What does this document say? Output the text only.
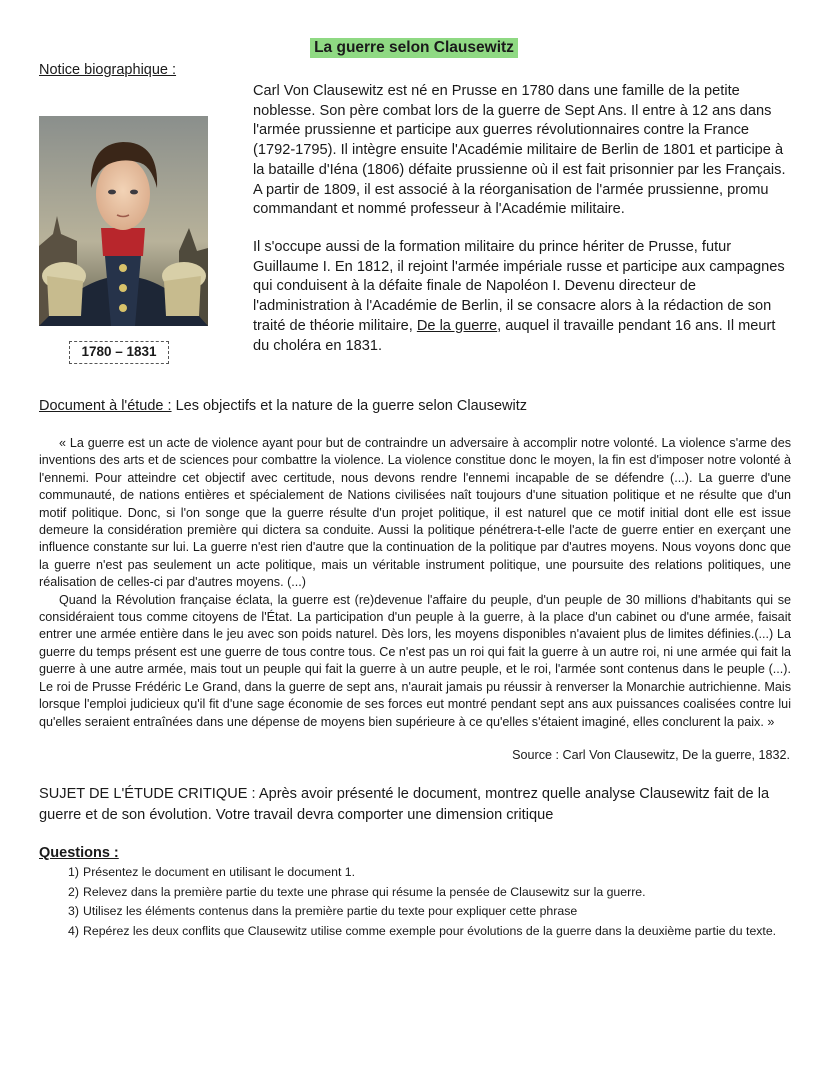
La guerre selon Clausewitz
Notice biographique :
1780 – 1831

Carl Von Clausewitz est né en Prusse en 1780 dans une famille de la petite noblesse. Son père combat lors de la guerre de Sept Ans. Il entre à 12 ans dans l'armée prussienne et participe aux guerres révolutionnaires contre la France (1792-1795). Il intègre ensuite l'Académie militaire de Berlin de 1801 et participe à la bataille d'Iéna (1806) défaite prussienne où il est fait prisonnier par les Français. A partir de 1809, il est associé à la réorganisation de l'armée prussienne, promu commandant et nommé professeur à l'Académie militaire.

Il s'occupe aussi de la formation militaire du prince hériter de Prusse, futur Guillaume I. En 1812, il rejoint l'armée impériale russe et participe aux campagnes qui conduisent à la défaite finale de Napoléon I. Devenu directeur de l'administration à l'Académie de Berlin, il se consacre alors à la rédaction de son traité de théorie militaire, De la guerre, auquel il travaille pendant 16 ans. Il meurt du choléra en 1831.

Document à l'étude : Les objectifs et la nature de la guerre selon Clausewitz

« La guerre est un acte de violence ayant pour but de contraindre un adversaire à accomplir notre volonté. La violence s'arme des inventions des arts et de sciences pour combattre la violence. La violence constitue donc le moyen, la fin est d'imposer notre volonté à l'ennemi. Pour atteindre cet objectif avec certitude, nous devons rendre l'ennemi incapable de se défendre (...). La guerre d'une communauté, de nations entières et spécialement de Nations civilisées naît toujours d'une situation politique et ne résulte que d'un motif politique. Donc, si l'on songe que la guerre résulte d'un projet politique, il est naturel que ce motif initial dont elle est issue demeure la considération première qui dictera sa conduite. Aussi la politique pénétrera-t-elle l'acte de guerre entier en exerçant une influence constante sur lui. La guerre n'est rien d'autre que la continuation de la politique par d'autres moyens. Nous voyons donc que la guerre n'est pas seulement un acte politique, mais un véritable instrument politique, une poursuite des relations politiques, une réalisation de celles-ci par d'autres moyens. (...)

Quand la Révolution française éclata, la guerre est (re)devenue l'affaire du peuple, d'un peuple de 30 millions d'habitants qui se considéraient tous comme citoyens de l'État. La participation d'un peuple à la guerre, à la place d'un cabinet ou d'une armée, faisait entrer une armée entière dans le jeu avec son poids naturel. Dès lors, les moyens disponibles n'avaient plus de limites définies.(...) La guerre du temps présent est une guerre de tous contre tous. Ce n'est pas un roi qui fait la guerre à un autre roi, ni une armée qui fait la guerre à une autre armée, mais tout un peuple qui fait la guerre à un autre peuple, et le roi, l'armée sont contenus dans le peuple (...). Le roi de Prusse Frédéric Le Grand, dans la guerre de sept ans, n'aurait jamais pu réussir à renverser la Monarchie autrichienne. Mais lorsque l'emploi judicieux qu'il fit d'une sage économie de ses forces eut montré pendant sept ans aux puissances coalisées contre lui qu'elles seraient entraînées dans une dépense de moyens bien supérieure à ce qu'elles s'étaient imaginé, elles conclurent la paix. »

Source : Carl Von Clausewitz, De la guerre, 1832.

SUJET DE L'ÉTUDE CRITIQUE : Après avoir présenté le document, montrez quelle analyse Clausewitz fait de la guerre et de son évolution. Votre travail devra comporter une dimension critique

Questions :
1) Présentez le document en utilisant le document 1.
2) Relevez dans la première partie du texte une phrase qui résume la pensée de Clausewitz sur la guerre.
3) Utilisez les éléments contenus dans la première partie du texte pour expliquer cette phrase
4) Repérez les deux conflits que Clausewitz utilise comme exemple pour évolutions de la guerre dans la deuxième partie du texte.
